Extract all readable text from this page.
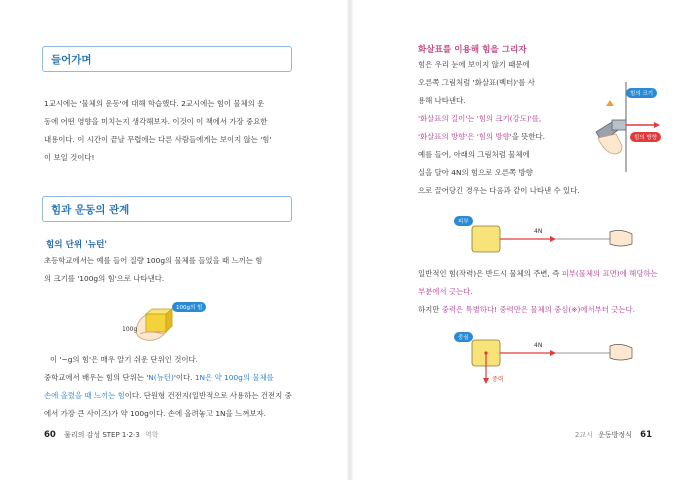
들어가며

1교시에는 '물체의 운동'에 대해 학습했다. 2교시에는 힘이 물체의 운

동에 어떤 영향을 미치는지 생각해보자. 이것이 이 책에서 가장 중요한

내용이다. 이 시간이 끝날 무렵에는 다른 사람들에게는 보이지 않는 '힘'

이 보일 것이다!

힘과 운동의 관계
힘의 단위 '뉴턴'

초등학교에서는 예를 들어 질량 100g의 물체를 들었을 때 느끼는 힘

의 크기를 '100g의 힘'으로 나타낸다.

100g의 힘
100g
이 '~g의 힘'은 매우 알기 쉬운 단위인 것이다.

중학교에서 배우는 힘의 단위는 'N(뉴턴)'이다. 1N은 약 100g의 물체를

손에 올렸을 때 느끼는 힘이다. 단원형 건전지(일반적으로 사용하는 건전지 중

에서 가장 큰 사이즈)가 약 100g이다. 손에 올려놓고 1N을 느껴보자.

60 물리의 감성 STEP 1·2·3 역학
화살표를 이용해 힘을 그리자

힘은 우리 눈에 보이지 않기 때문에

오른쪽 그림처럼 '화살표(벡터)'를 사

용해 나타낸다.

'화살표의 길이'는 '힘의 크기(강도)'를,

'화살표의 방향'은 '힘의 방향'을 뜻한다.

예를 들어, 아래의 그림처럼 물체에

실을 달아 4N의 힘으로 오른쪽 방향

으로 끌어당긴 경우는 다음과 같이 나타낸 수 있다.
힘의 크기
힘의 방향
피부
4N

일반적인 힘(작력)은 반드시 물체의 주변, 즉 피부(물체의 표면)에 해당하는

부분에서 긋는다.

하지만 중력은 특별하다! 중력만은 물체의 중심(※)에서부터 긋는다.

중심
4N
중력
2교시 운동방정식 61
